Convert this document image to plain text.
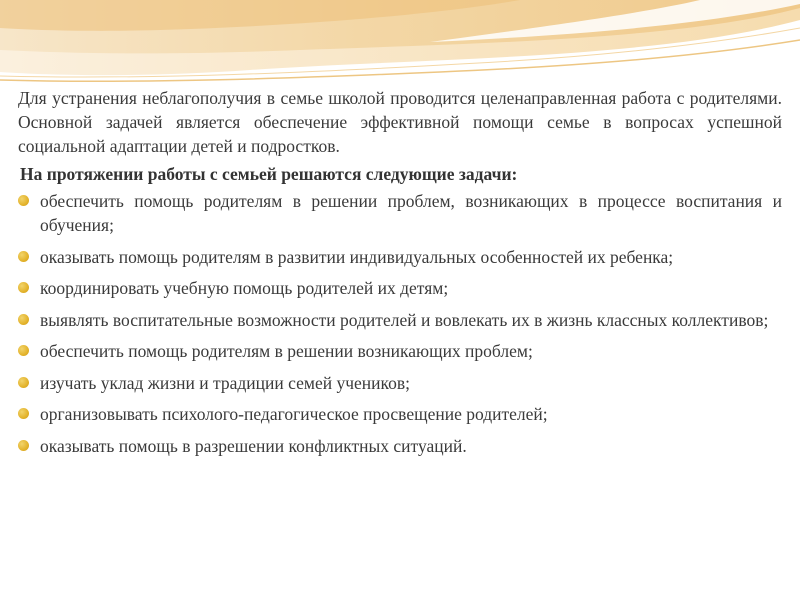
Для устранения неблагополучия в семье школой проводится целенаправленная работа с родителями. Основной задачей является обеспечение эффективной помощи семье в вопросах успешной социальной адаптации детей и подростков.

На протяжении работы с семьей решаются следующие задачи:
обеспечить помощь родителям в решении проблем, возникающих в процессе воспитания и обучения;
оказывать помощь родителям в развитии индивидуальных особенностей их ребенка;
координировать учебную помощь родителей их детям;
выявлять воспитательные возможности родителей и вовлекать их в жизнь классных коллективов;
обеспечить помощь родителям в решении возникающих проблем;
изучать уклад жизни и традиции семей учеников;
организовывать психолого-педагогическое просвещение родителей;
оказывать помощь в разрешении конфликтных ситуаций.
